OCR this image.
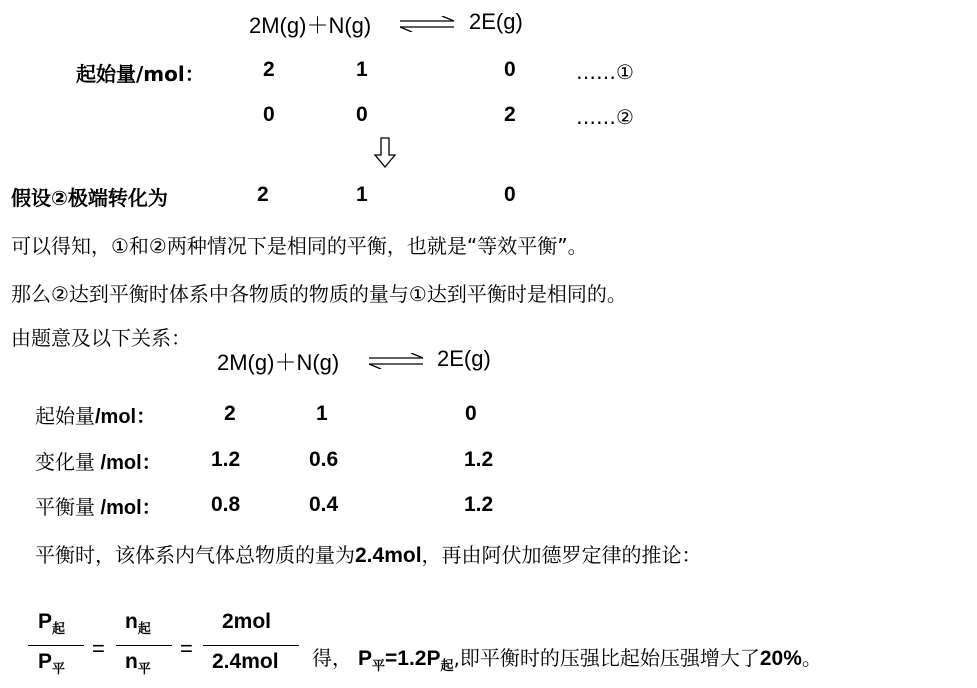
2M(g)＋N(g) ⇌ 2E(g)
起始量/mol：	2	1	0	……①
0	0	2	……②
假设②极端转化为	2	1	0
可以得知，①和②两种情况下是相同的平衡，也就是“等效平衡”。
那么②达到平衡时体系中各物质的物质的量与①达到平衡时是相同的。
由题意及以下关系：
2M(g)＋N(g) ⇌ 2E(g)
起始量/mol：	2	1	0
变化量 /mol： 1.2	0.6	1.2
平衡量 /mol： 0.8	0.4	1.2
平衡时，该体系内气体总物质的量为2.4mol，再由阿伏加德罗定律的推论：
$P_起$
$P_平$
=
$n_起$
$n_平$
=
2mol
2.4mol 得， $P_平=1.2P_起$,即平衡时的压强比起始压强增大了20%。
